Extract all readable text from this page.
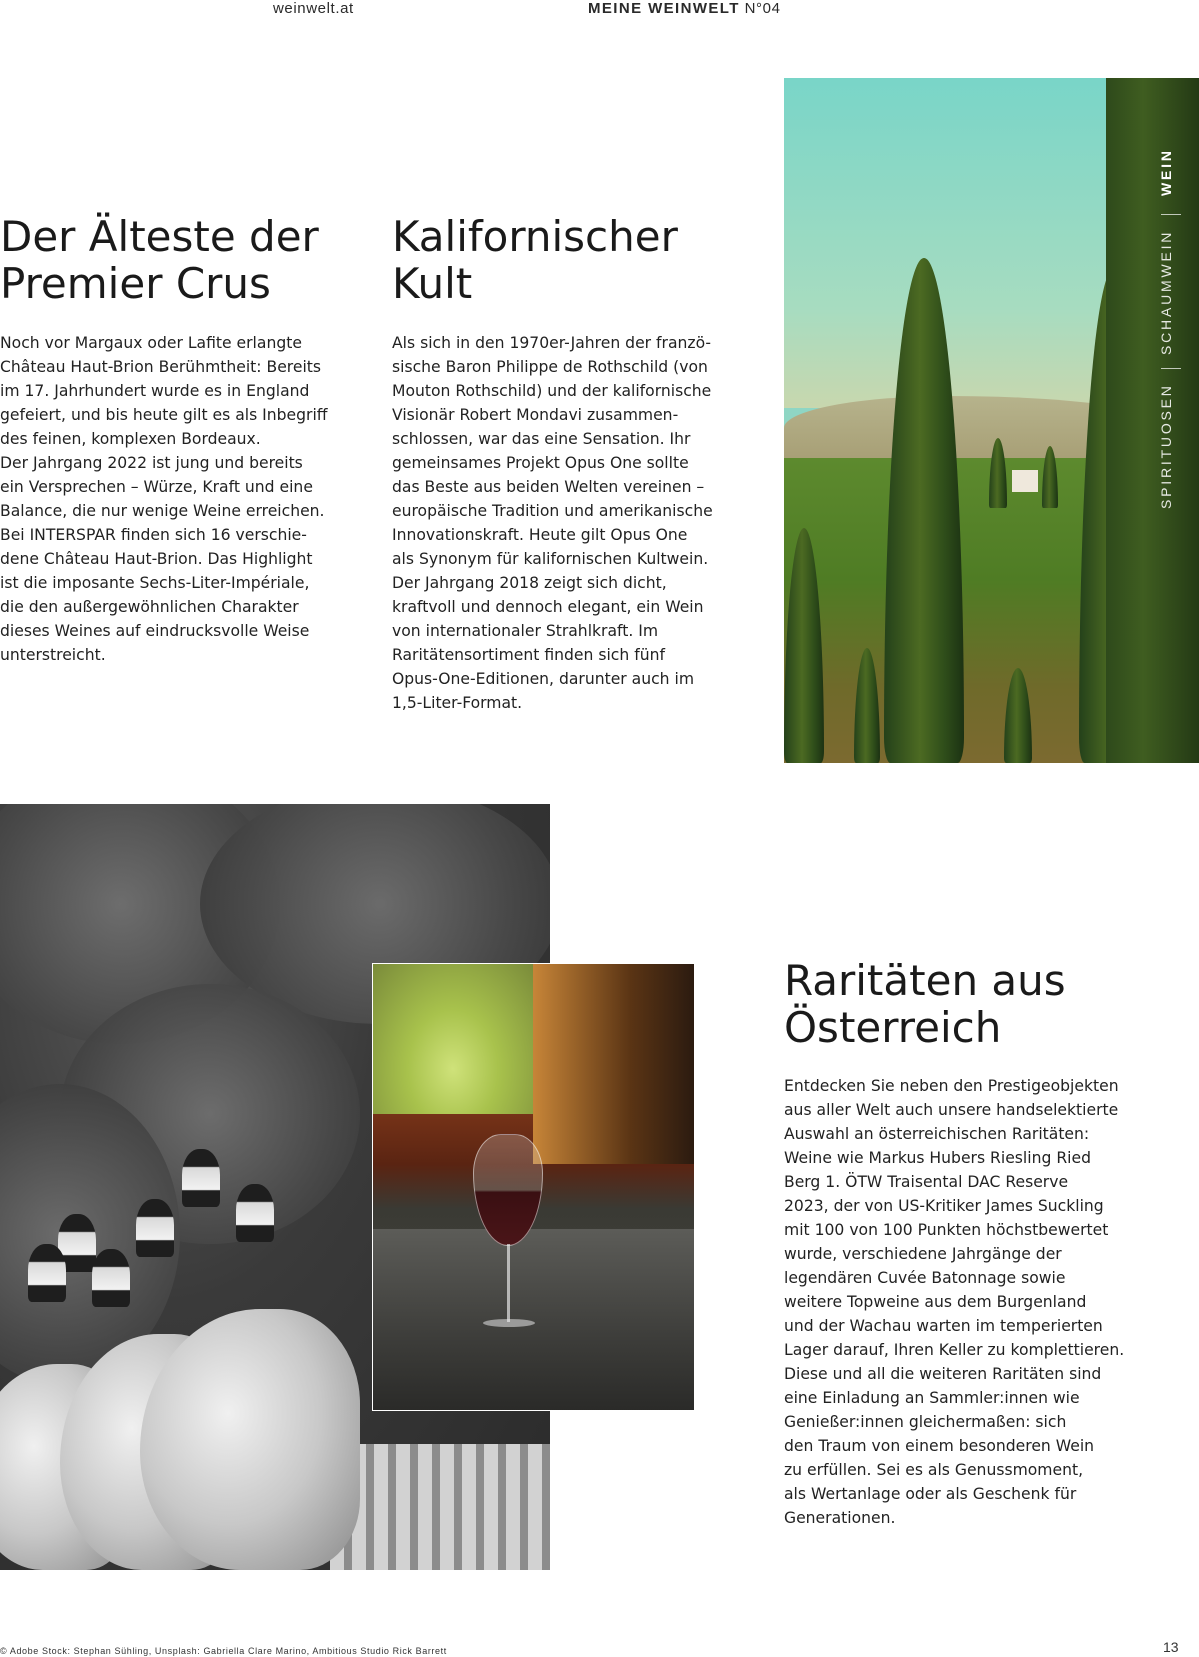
weinwelt.at	MEINE WEINWELT N°04
Der Älteste der
Premier Crus
Noch vor Margaux oder Lafite erlangte
Château Haut-Brion Berühmtheit: Bereits
im 17. Jahrhundert wurde es in England
gefeiert, und bis heute gilt es als Inbegriff
des feinen, komplexen Bordeaux.
Der Jahrgang 2022 ist jung und bereits
ein Versprechen – Würze, Kraft und eine
Balance, die nur wenige Weine erreichen.
Bei INTERSPAR finden sich 16 verschie-
dene Château Haut-Brion. Das Highlight
ist die imposante Sechs-Liter-Impériale,
die den außergewöhnlichen Charakter
dieses Weines auf eindrucksvolle Weise
unterstreicht.
Kalifornischer
Kult
Als sich in den 1970er-Jahren der franzö-
sische Baron Philippe de Rothschild (von
Mouton Rothschild) und der kalifornische
Visionär Robert Mondavi zusammen-
schlossen, war das eine Sensation. Ihr
gemeinsames Projekt Opus One sollte
das Beste aus beiden Welten vereinen –
europäische Tradition und amerikanische
Innovationskraft. Heute gilt Opus One
als Synonym für kalifornischen Kultwein.
Der Jahrgang 2018 zeigt sich dicht,
kraftvoll und dennoch elegant, ein Wein
von internationaler Strahlkraft. Im
Raritätensortiment finden sich fünf
Opus-One-Editionen, darunter auch im
1,5-Liter-Format.
WEIN
SCHAUMWEIN
SPIRITUOSEN
Raritäten aus
Österreich
Entdecken Sie neben den Prestigeobjekten
aus aller Welt auch unsere handselektierte
Auswahl an österreichischen Raritäten:
Weine wie Markus Hubers Riesling Ried
Berg 1. ÖTW Traisental DAC Reserve
2023, der von US-Kritiker James Suckling
mit 100 von 100 Punkten höchstbewertet
wurde, verschiedene Jahrgänge der
legendären Cuvée Batonnage sowie
weitere Topweine aus dem Burgenland
und der Wachau warten im temperierten
Lager darauf, Ihren Keller zu komplettieren.
Diese und all die weiteren Raritäten sind
eine Einladung an Sammler:innen wie
Genießer:innen gleichermaßen: sich
den Traum von einem besonderen Wein
zu erfüllen. Sei es als Genussmoment,
als Wertanlage oder als Geschenk für
Generationen.
© Adobe Stock: Stephan Sühling, Unsplash: Gabriella Clare Marino, Ambitious Studio Rick Barrett	13
